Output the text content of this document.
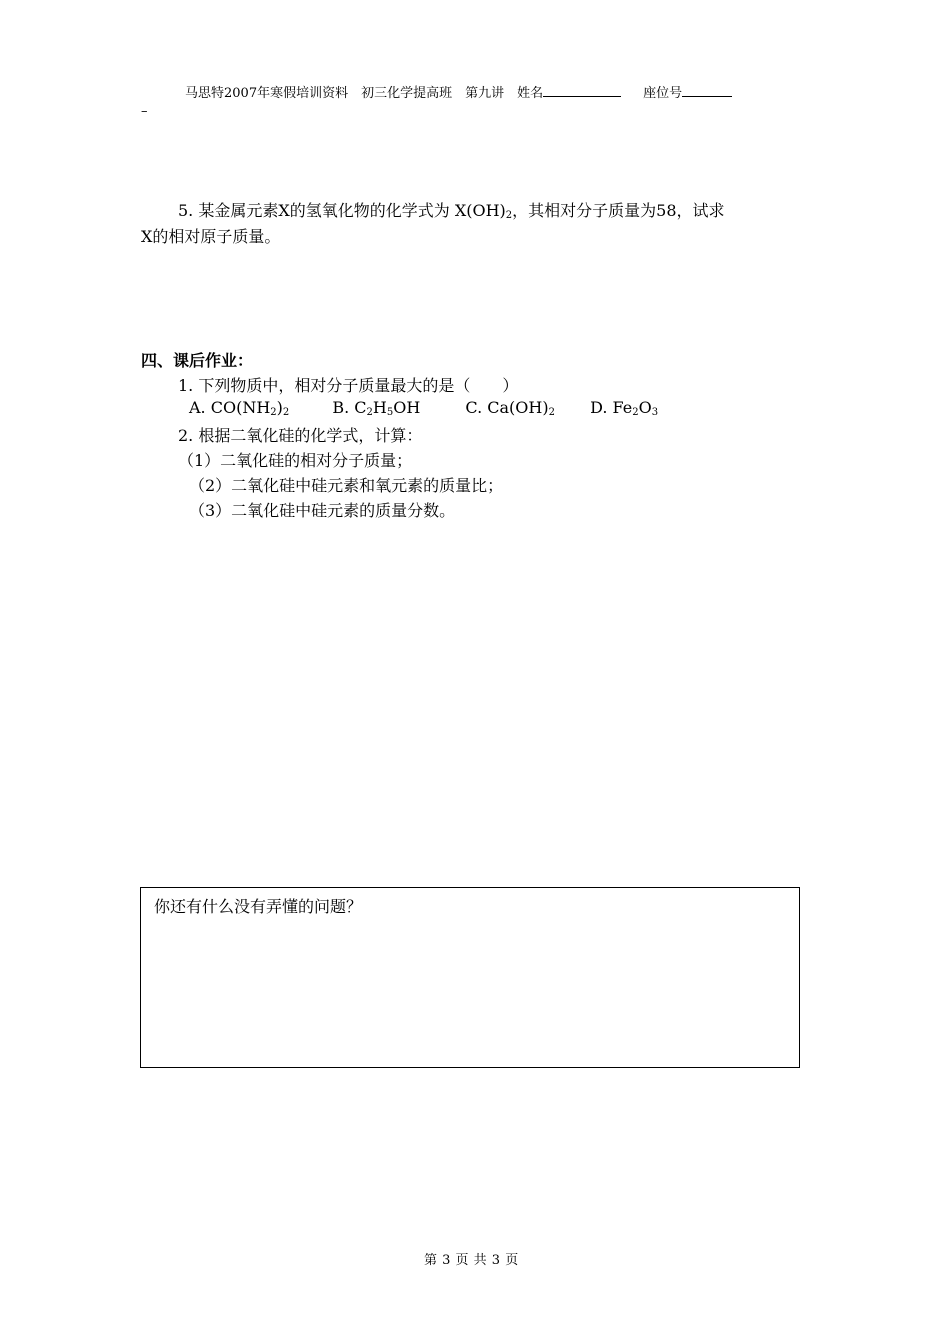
马思特2007年寒假培训资料　初三化学提高班　第九讲　姓名	座位号
–
5. 某金属元素X的氢氧化物的化学式为 $X(OH)_2$，其相对分子质量为58，试求
X的相对原子质量。
四、课后作业：
1. 下列物质中，相对分子质量最大的是（　　）
A. $CO(NH_2)_2$	B. $C_2H_5OH$	C. $Ca(OH)_2$ D. $Fe_2O_3$
2. 根据二氧化硅的化学式，计算：
（1）二氧化硅的相对分子质量；
（2）二氧化硅中硅元素和氧元素的质量比；
（3）二氧化硅中硅元素的质量分数。
你还有什么没有弄懂的问题？
第 3 页 共 3 页
